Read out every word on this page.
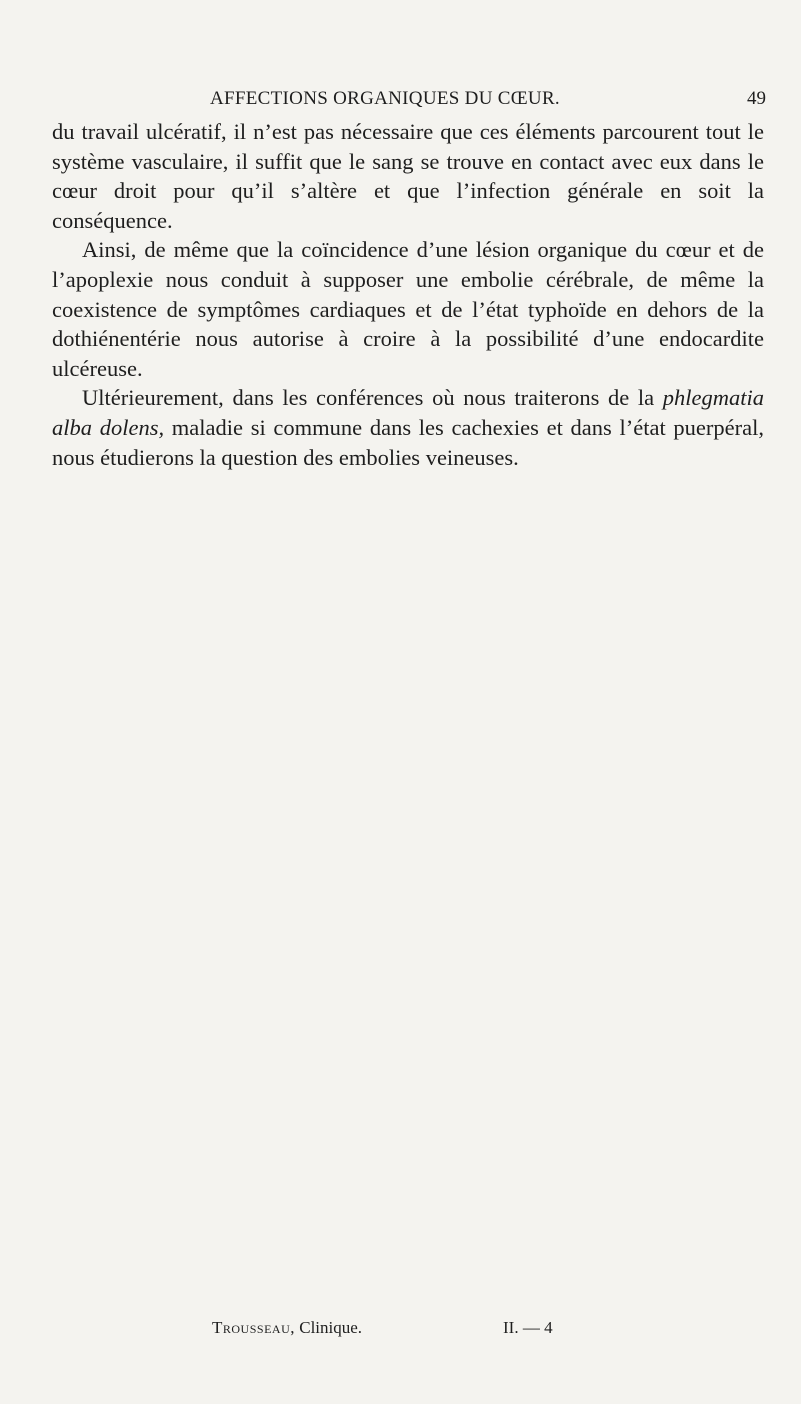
AFFECTIONS ORGANIQUES DU CŒUR.	49

du travail ulcératif, il n’est pas nécessaire que ces éléments parcourent tout le système vasculaire, il suffit que le sang se trouve en contact avec eux dans le cœur droit pour qu’il s’altère et que l’infection générale en soit la conséquence.

Ainsi, de même que la coïncidence d’une lésion organique du cœur et de l’apoplexie nous conduit à supposer une embolie cérébrale, de même la coexistence de symptômes cardiaques et de l’état typhoïde en dehors de la dothiénentérie nous autorise à croire à la possibilité d’une endocardite ulcéreuse.

Ultérieurement, dans les conférences où nous traiterons de la phlegmatia alba dolens, maladie si commune dans les cachexies et dans l’état puerpéral, nous étudierons la question des embolies veineuses.

Trousseau, Clinique.	II. — 4
